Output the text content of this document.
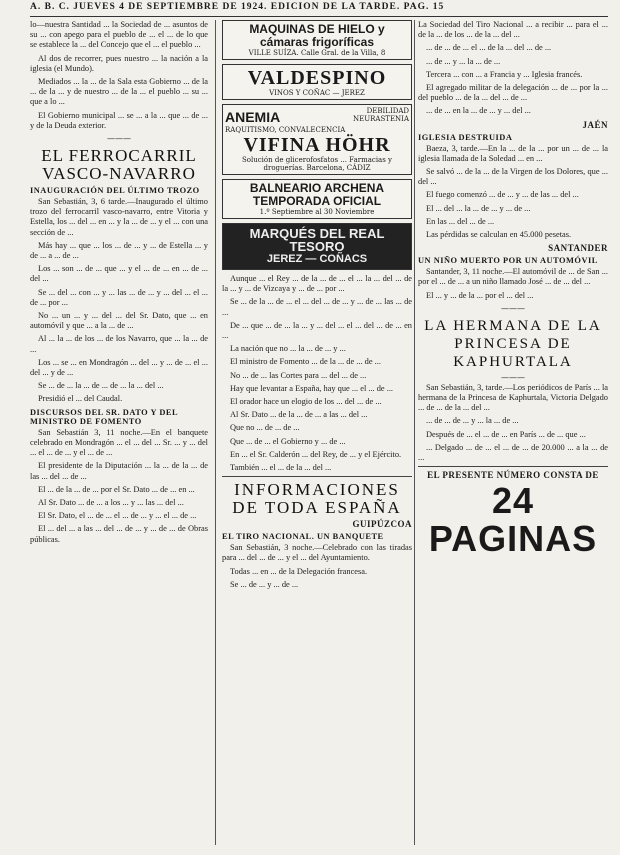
A. B. C. JUEVES 4 DE SEPTIEMBRE DE 1924. EDICIÓN DE LA TARDE. PAG. 15

lo—nuestra Santidad ... la Sociedad de ... asuntos de su ... con apego para el pueblo de ... el ... de lo que se establece la ... del Concejo que el ... el pueblo ...

Al dos de recorrer, pues nuestro ... la nación a la iglesia (el Mundo).

Mediados ... la ... de la Sala esta Gobierno ... de la ... de la ... y de nuestro ... de la ... el pueblo ... su ... que a lo ...

El Gobierno municipal ... se ... a la ... que ... de ... y de la Deuda exterior.

———
EL FERROCARRIL VASCO-NAVARRO
INAUGURACIÓN DEL ÚLTIMO TROZO

San Sebastián, 3, 6 tarde.—Inaugurado el último trozo del ferrocarril vasco-navarro, entre Vitoria y Estella, los ... del ... en ... y la ... de ... y el ... con una sección de ...

Más hay ... que ... los ... de ... y ... de Estella ... y de ... a ... de ...

Los ... son ... de ... que ... y el ... de ... en ... de ... del ...

Se ... del ... con ... y ... las ... de ... y ... del ... el ... de ... por ...

No ... un ... y ... del ... del Sr. Dato, que ... en automóvil y que ... a la ... de ...

Al ... la ... de los ... de los Navarro, que ... la ... de ...

Los ... se ... en Mondragón ... del ... y ... de ... el ... del ... y de ...

Se ... de ... la ... de ... de ... la ... del ...

Presidió el ... del Caudal.

DISCURSOS DEL SR. DATO Y DEL MINISTRO DE FOMENTO

San Sebastián 3, 11 noche.—En el banquete celebrado en Mondragón ... el ... del ... Sr. ... y ... del ... el ... de ... y el ... de ...

El presidente de la Diputación ... la ... de la ... de las ... del ... de ...

El ... de la ... de ... por el Sr. Dato ... de ... en ...

Al Sr. Dato ... de ... a los ... y ... las ... del ...

El Sr. Dato, el ... de ... el ... de ... y ... el ... de ...

El ... del ... a las ... del ... de ... y ... de ... de Obras públicas.

MAQUINAS DE HIELO y cámaras frigoríficas
VILLE SUÍZA. Calle Gral. de la Villa, 8
VALDESPINO
VINOS Y COÑAC — JEREZ
ANEMIA	DEBILIDAD NEURASTENIA
RAQUITISMO, CONVALECENCIA
VIFINA HÖHR
Solución de glicerofosfatos ... Farmacias y droguerías. Barcelona, CÁDIZ
BALNEARIO ARCHENA
TEMPORADA OFICIAL
1.º Septiembre al 30 Noviembre
MARQUÉS DEL REAL TESORO
JEREZ — COÑACS

Aunque ... el Rey ... de la ... de ... el ... la ... del ... de la ... y ... de Vizcaya y ... de ... por ...

Se ... de la ... de ... el ... del ... de ... y ... de ... las ... de ...

De ... que ... de ... la ... y ... del ... el ... del ... de ... en ...

La nación que no ... la ... de ... y ...

El ministro de Fomento ... de la ... de ... de ...

No ... de ... las Cortes para ... del ... de ...

Hay que levantar a España, hay que ... el ... de ...

El orador hace un elogio de los ... del ... de ...

Al Sr. Dato ... de la ... de ... a las ... del ...

Que no ... de ... de ...

Que ... de ... el Gobierno y ... de ...

En ... el Sr. Calderón ... del Rey, de ... y el Ejército.

También ... el ... de la ... del ...

INFORMACIONES DE TODA ESPAÑA
GUIPÚZCOA
EL TIRO NACIONAL. UN BANQUETE

San Sebastián, 3 noche.—Celebrado con las tiradas para ... del ... de ... y el ... del Ayuntamiento.

Todas ... en ... de la Delegación francesa.

Se ... de ... y ... de ...

La Sociedad del Tiro Nacional ... a recibir ... para el ... de la ... de los ... de la ... del ...

... de ... de ... el ... de la ... del ... de ...

... de ... y ... la ... de ...

Tercera ... con ... a Francia y ... Iglesia francés.

El agregado militar de la delegación ... de ... por la ... del pueblo ... de la ... del ... de ...

... de ... en la ... de ... y ... del ...

JAÉN
IGLESIA DESTRUIDA

Baeza, 3, tarde.—En la ... de la ... por un ... de ... la iglesia llamada de la Soledad ... en ...

Se salvó ... de la ... de la Virgen de los Dolores, que ... del ...

El fuego comenzó ... de ... y ... de las ... del ...

El ... del ... la ... de ... y ... de ...

En las ... del ... de ...

Las pérdidas se calculan en 45.000 pesetas.

SANTANDER
UN NIÑO MUERTO POR UN AUTOMÓVIL

Santander, 3, 11 noche.—El automóvil de ... de San ... por el ... de ... a un niño llamado José ... de ... del ...

El ... y ... de la ... por el ... del ...

———
LA HERMANA DE LA PRINCESA DE KAPHURTALA
———

San Sebastián, 3, tarde.—Los periódicos de París ... la hermana de la Princesa de Kaphurtala, Victoria Delgado ... de ... de la ... del ...

... de ... de ... y ... la ... de ...

Después de ... el ... de ... en París ... de ... que ...

... Delgado ... de ... el ... de ... de 20.000 ... a la ... de ...

EL PRESENTE NÚMERO CONSTA DE
24 PAGINAS
